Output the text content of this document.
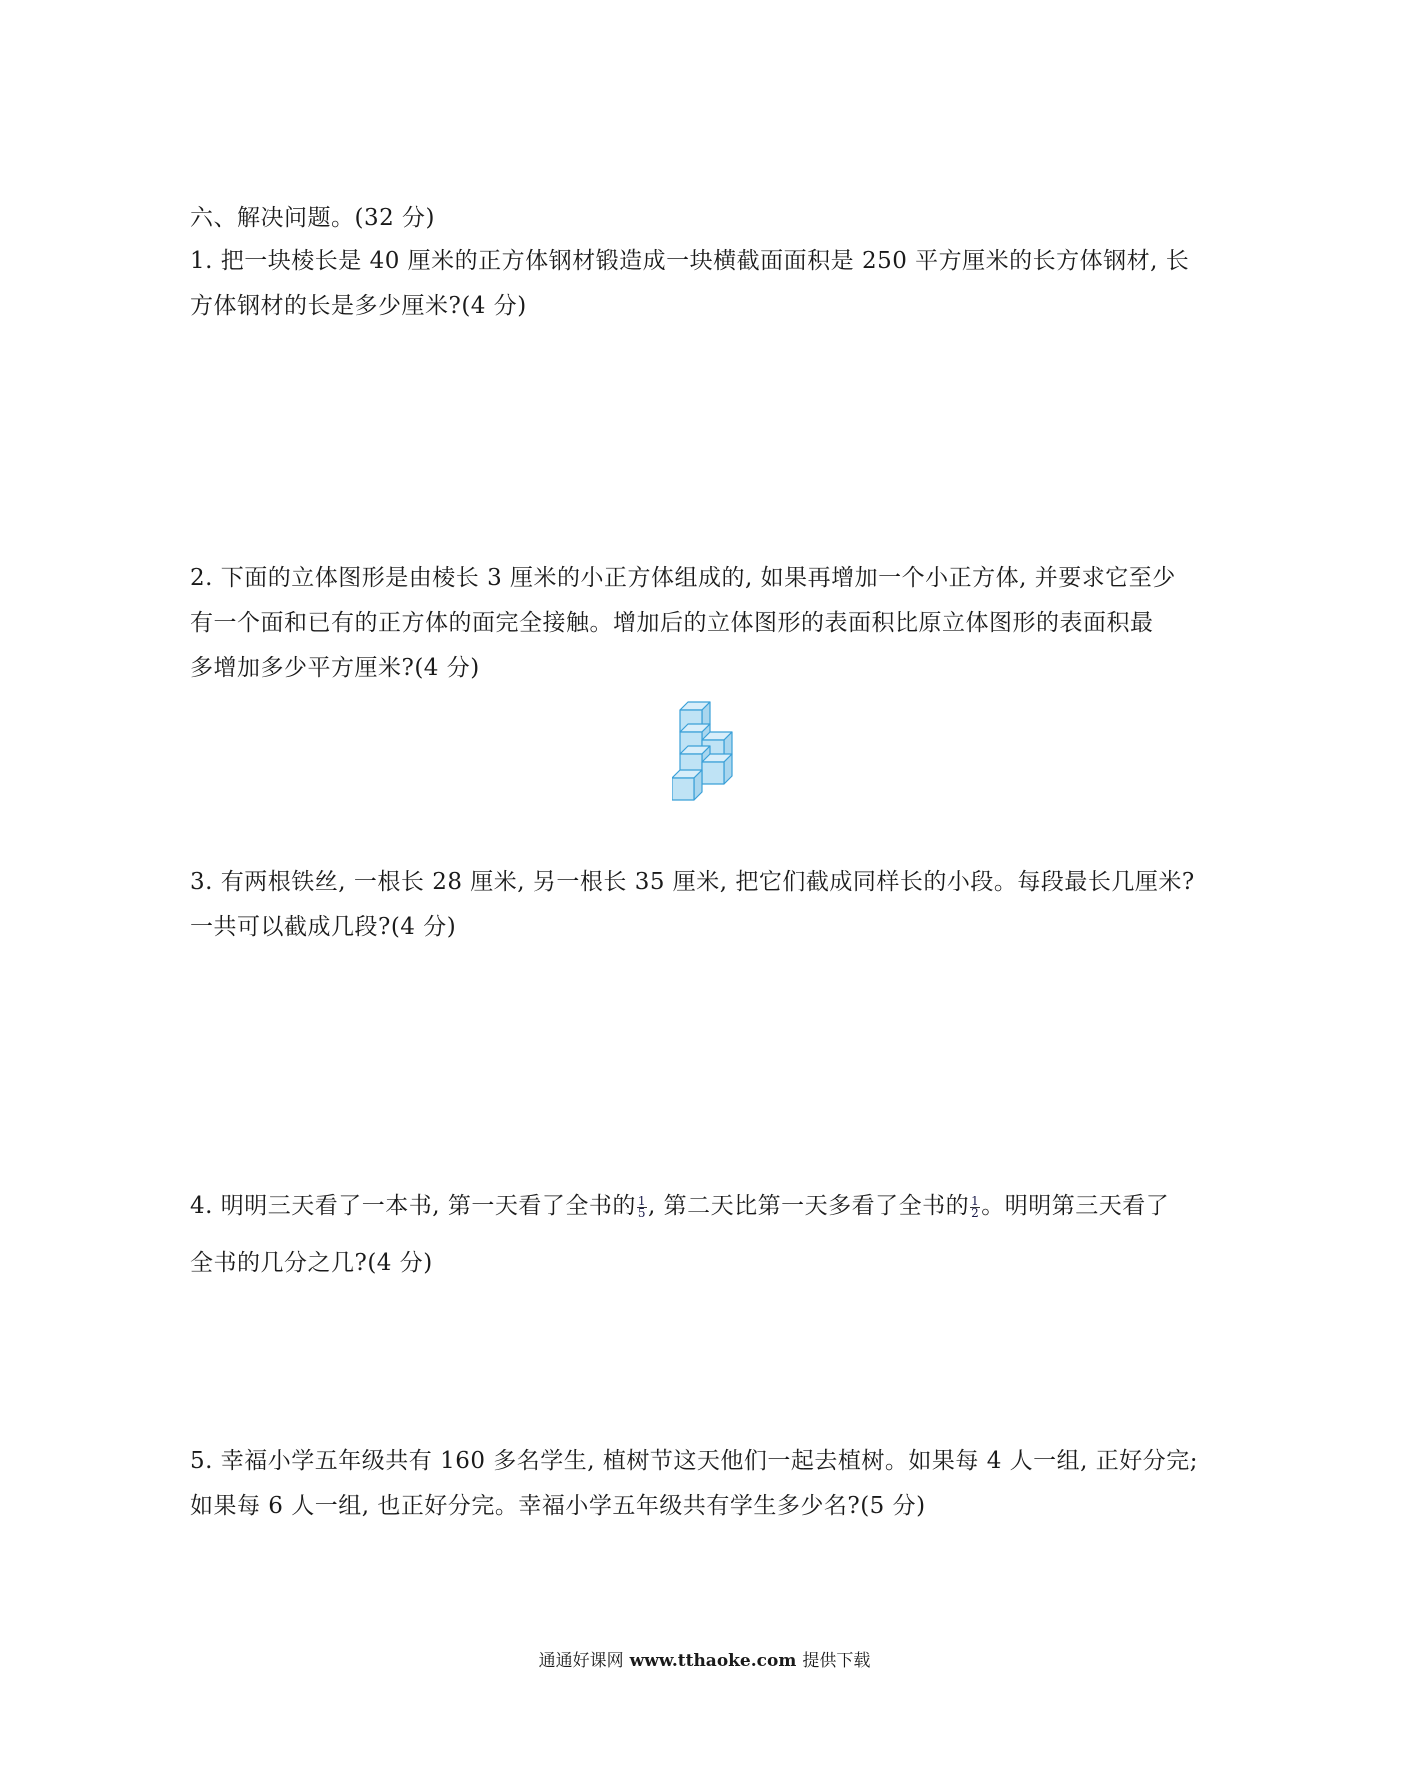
六、解决问题。(32 分)
1. 把一块棱长是 40 厘米的正方体钢材锻造成一块横截面面积是 250 平方厘米的长方体钢材, 长
方体钢材的长是多少厘米?(4 分)
2. 下面的立体图形是由棱长 3 厘米的小正方体组成的, 如果再增加一个小正方体, 并要求它至少
有一个面和已有的正方体的面完全接触。增加后的立体图形的表面积比原立体图形的表面积最
多增加多少平方厘米?(4 分)
3. 有两根铁丝, 一根长 28 厘米, 另一根长 35 厘米, 把它们截成同样长的小段。每段最长几厘米?
一共可以截成几段?(4 分)
4. 明明三天看了一本书, 第一天看了全书的 $\frac{1}{5}$ , 第二天比第一天多看了全书的 $\frac{1}{2}$ 。明明第三天看了
全书的几分之几?(4 分)
5. 幸福小学五年级共有 160 多名学生, 植树节这天他们一起去植树。如果每 4 人一组, 正好分完;
如果每 6 人一组, 也正好分完。幸福小学五年级共有学生多少名?(5 分)
通通好课网 www.tthaoke.com 提供下载
